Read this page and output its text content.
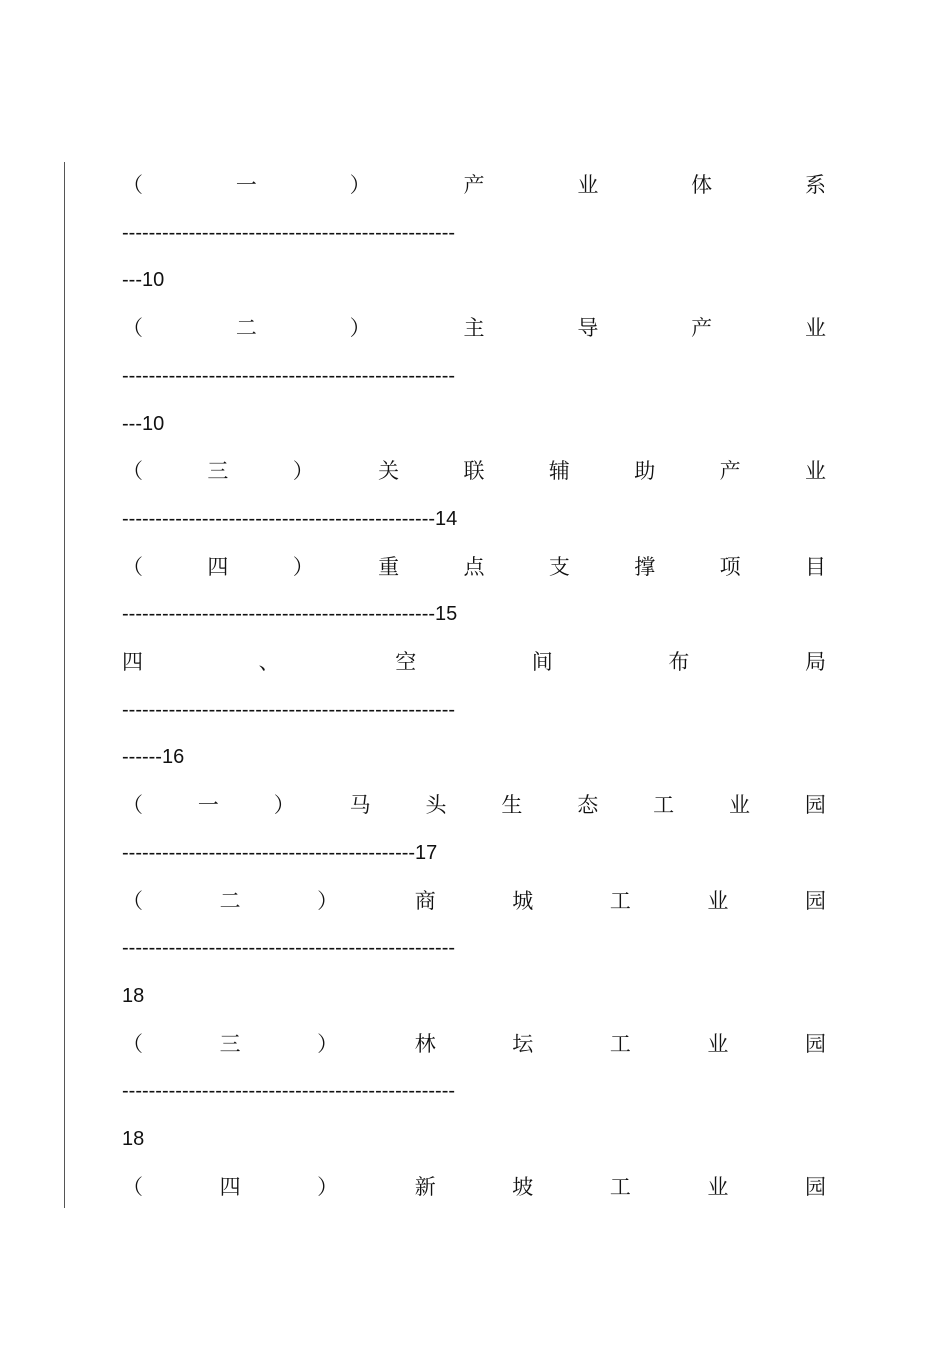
（	一	）	产	业	体	系
--------------------------------------------------
---10
（	二	）	主	导	产	业
--------------------------------------------------
---10
（	三	）	关	联	辅	助	产	业
-----------------------------------------------14
（	四	）	重	点	支	撑	项	目
-----------------------------------------------15
四	、	空	间	布	局
--------------------------------------------------
------16
（	一	）	马	头	生	态	工	业	园
--------------------------------------------17
（	二	）	商	城	工	业	园
--------------------------------------------------
18
（	三	）	林	坛	工	业	园
--------------------------------------------------
18
（	四	）	新	坡	工	业	园
